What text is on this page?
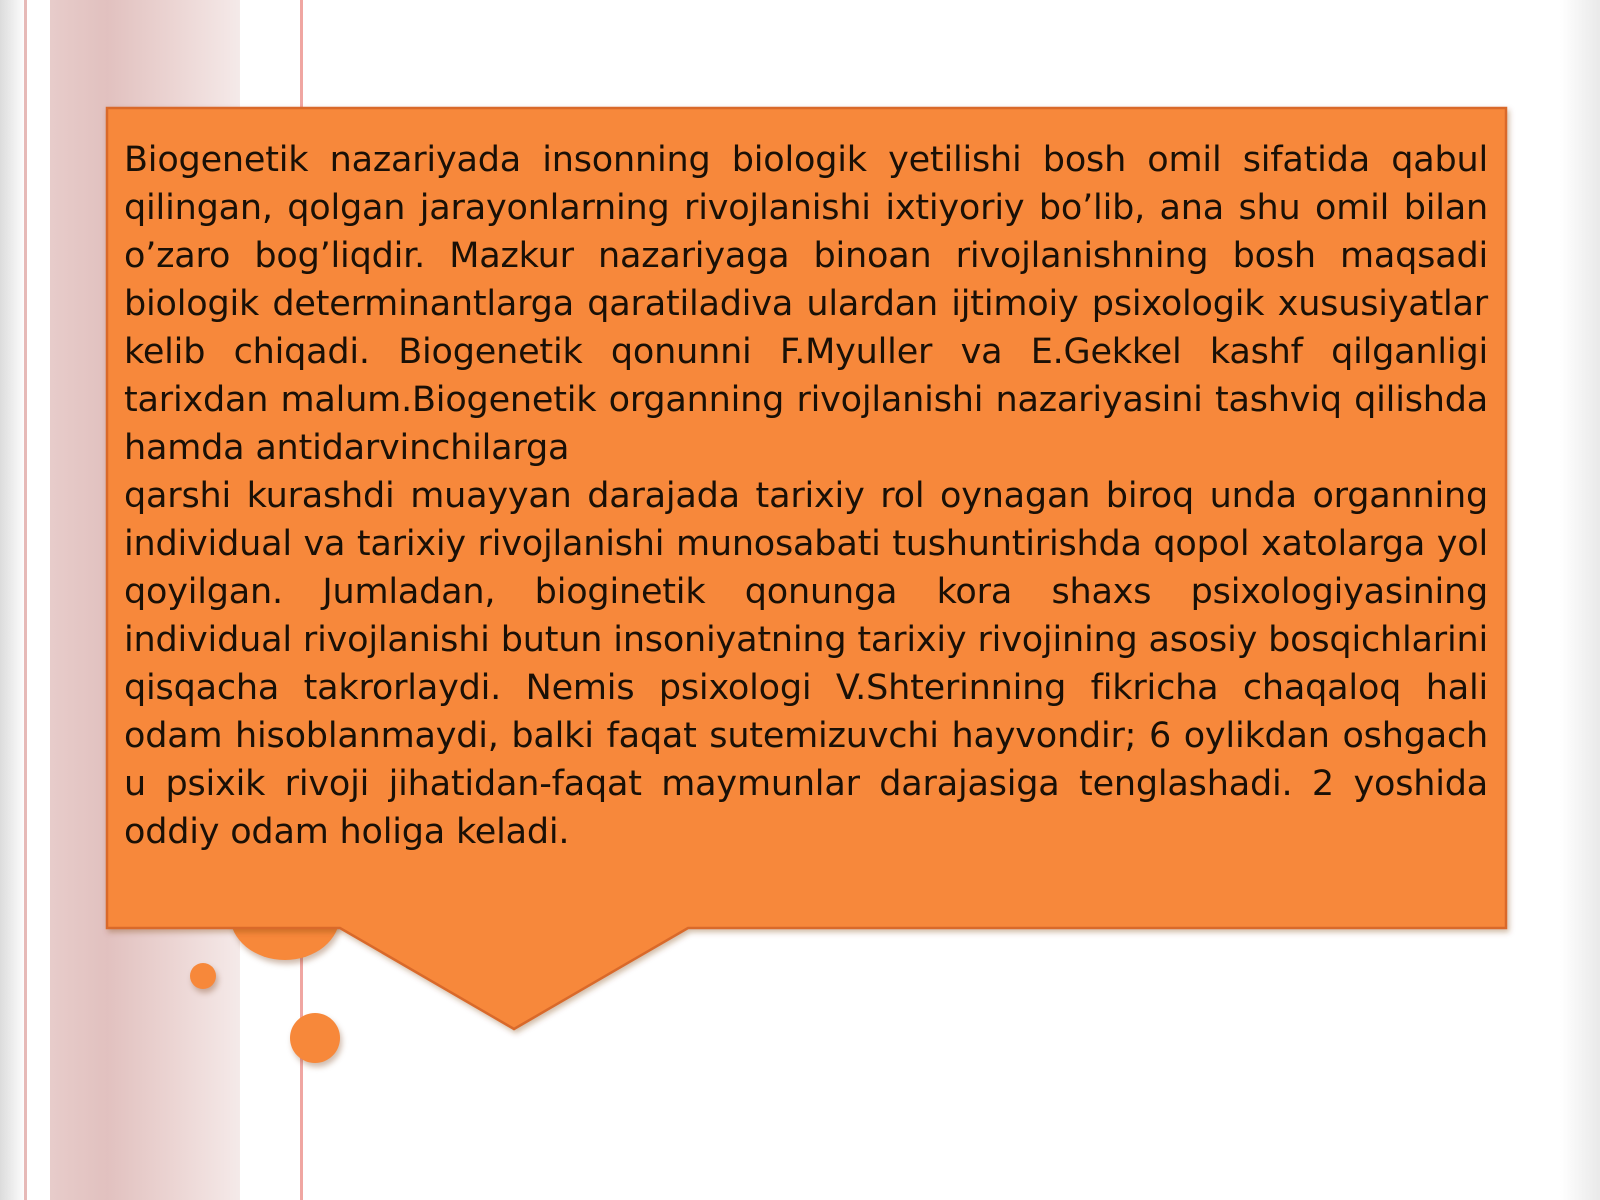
Biogenetik nazariyada insonning biologik yetilishi bosh omil sifatida qabul qilingan, qolgan jarayonlarning rivojlanishi ixtiyoriy bo’lib, ana shu omil bilan o’zaro bog’liqdir. Mazkur nazariyaga binoan rivojlanishning bosh maqsadi biologik determinantlarga qaratiladiva ulardan ijtimoiy psixologik xususiyatlar kelib chiqadi. Biogenetik qonunni F.Myuller va E.Gekkel kashf qilganligi tarixdan malum.Biogenetik organning rivojlanishi nazariyasini tashviq qilishda hamda antidarvinchilarga

qarshi kurashdi muayyan darajada tarixiy rol oynagan biroq unda organning individual va tarixiy rivojlanishi munosabati tushuntirishda qopol xatolarga yol qoyilgan. Jumladan, bioginetik qonunga kora shaxs psixologiyasining individual rivojlanishi butun insoniyatning tarixiy rivojining asosiy bosqichlarini qisqacha takrorlaydi. Nemis psixologi V.Shterinning fikricha chaqaloq hali odam hisoblanmaydi, balki faqat sutemizuvchi hayvondir; 6 oylikdan oshgach u psixik rivoji jihatidan-faqat maymunlar darajasiga tenglashadi. 2 yoshida oddiy odam holiga keladi.
